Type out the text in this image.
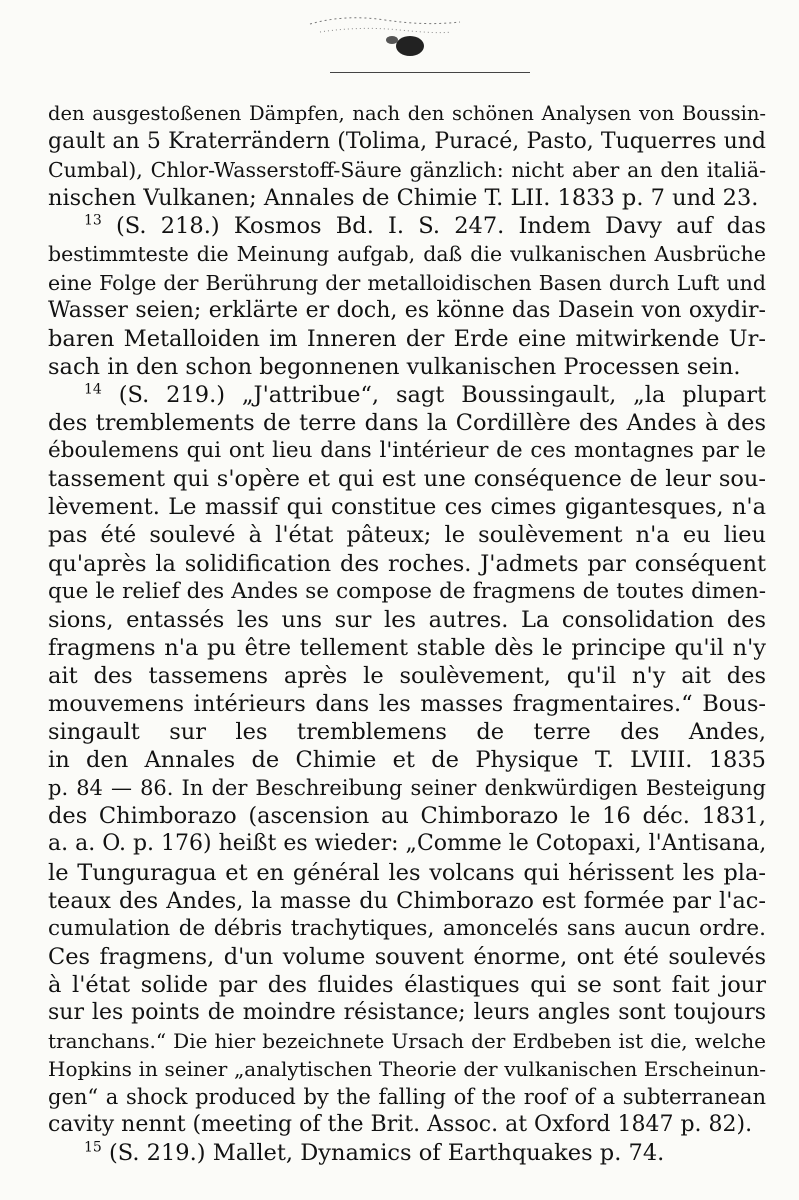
den ausgestoßenen Dämpfen, nach den schönen Analysen von Boussin-
gault an 5 Kraterrändern (Tolima, Puracé, Pasto, Tuquerres und
Cumbal), Chlor-Wasserstoff-Säure gänzlich: nicht aber an den italiä-
nischen Vulkanen; Annales de Chimie T. LII. 1833 p. 7 und 23.
$^{13}$ (S. 218.) Kosmos Bd. I. S. 247. Indem Davy auf das
bestimmteste die Meinung aufgab, daß die vulkanischen Ausbrüche
eine Folge der Berührung der metalloidischen Basen durch Luft und
Wasser seien; erklärte er doch, es könne das Dasein von oxydir-
baren Metalloiden im Inneren der Erde eine mitwirkende Ur-
sach in den schon begonnenen vulkanischen Processen sein.
$^{14}$ (S. 219.) „J'attribue“, sagt Boussingault, „la plupart
des tremblements de terre dans la Cordillère des Andes à des
éboulemens qui ont lieu dans l'intérieur de ces montagnes par le
tassement qui s'opère et qui est une conséquence de leur sou-
lèvement. Le massif qui constitue ces cimes gigantesques, n'a
pas été soulevé à l'état pâteux; le soulèvement n'a eu lieu
qu'après la solidification des roches. J'admets par conséquent
que le relief des Andes se compose de fragmens de toutes dimen-
sions, entassés les uns sur les autres. La consolidation des
fragmens n'a pu être tellement stable dès le principe qu'il n'y
ait des tassemens après le soulèvement, qu'il n'y ait des
mouvemens intérieurs dans les masses fragmentaires.“ Bous-
singault sur les tremblemens de terre des Andes,
in den Annales de Chimie et de Physique T. LVIII. 1835
p. 84 — 86. In der Beschreibung seiner denkwürdigen Besteigung
des Chimborazo (ascension au Chimborazo le 16 déc. 1831,
a. a. O. p. 176) heißt es wieder: „Comme le Cotopaxi, l'Antisana,
le Tunguragua et en général les volcans qui hérissent les pla-
teaux des Andes, la masse du Chimborazo est formée par l'ac-
cumulation de débris trachytiques, amoncelés sans aucun ordre.
Ces fragmens, d'un volume souvent énorme, ont été soulevés
à l'état solide par des fluides élastiques qui se sont fait jour
sur les points de moindre résistance; leurs angles sont toujours
tranchans.“ Die hier bezeichnete Ursach der Erdbeben ist die, welche
Hopkins in seiner „analytischen Theorie der vulkanischen Erscheinun-
gen“ a shock produced by the falling of the roof of a subterranean
cavity nennt (meeting of the Brit. Assoc. at Oxford 1847 p. 82).
$^{15}$ (S. 219.) Mallet, Dynamics of Earthquakes p. 74.
